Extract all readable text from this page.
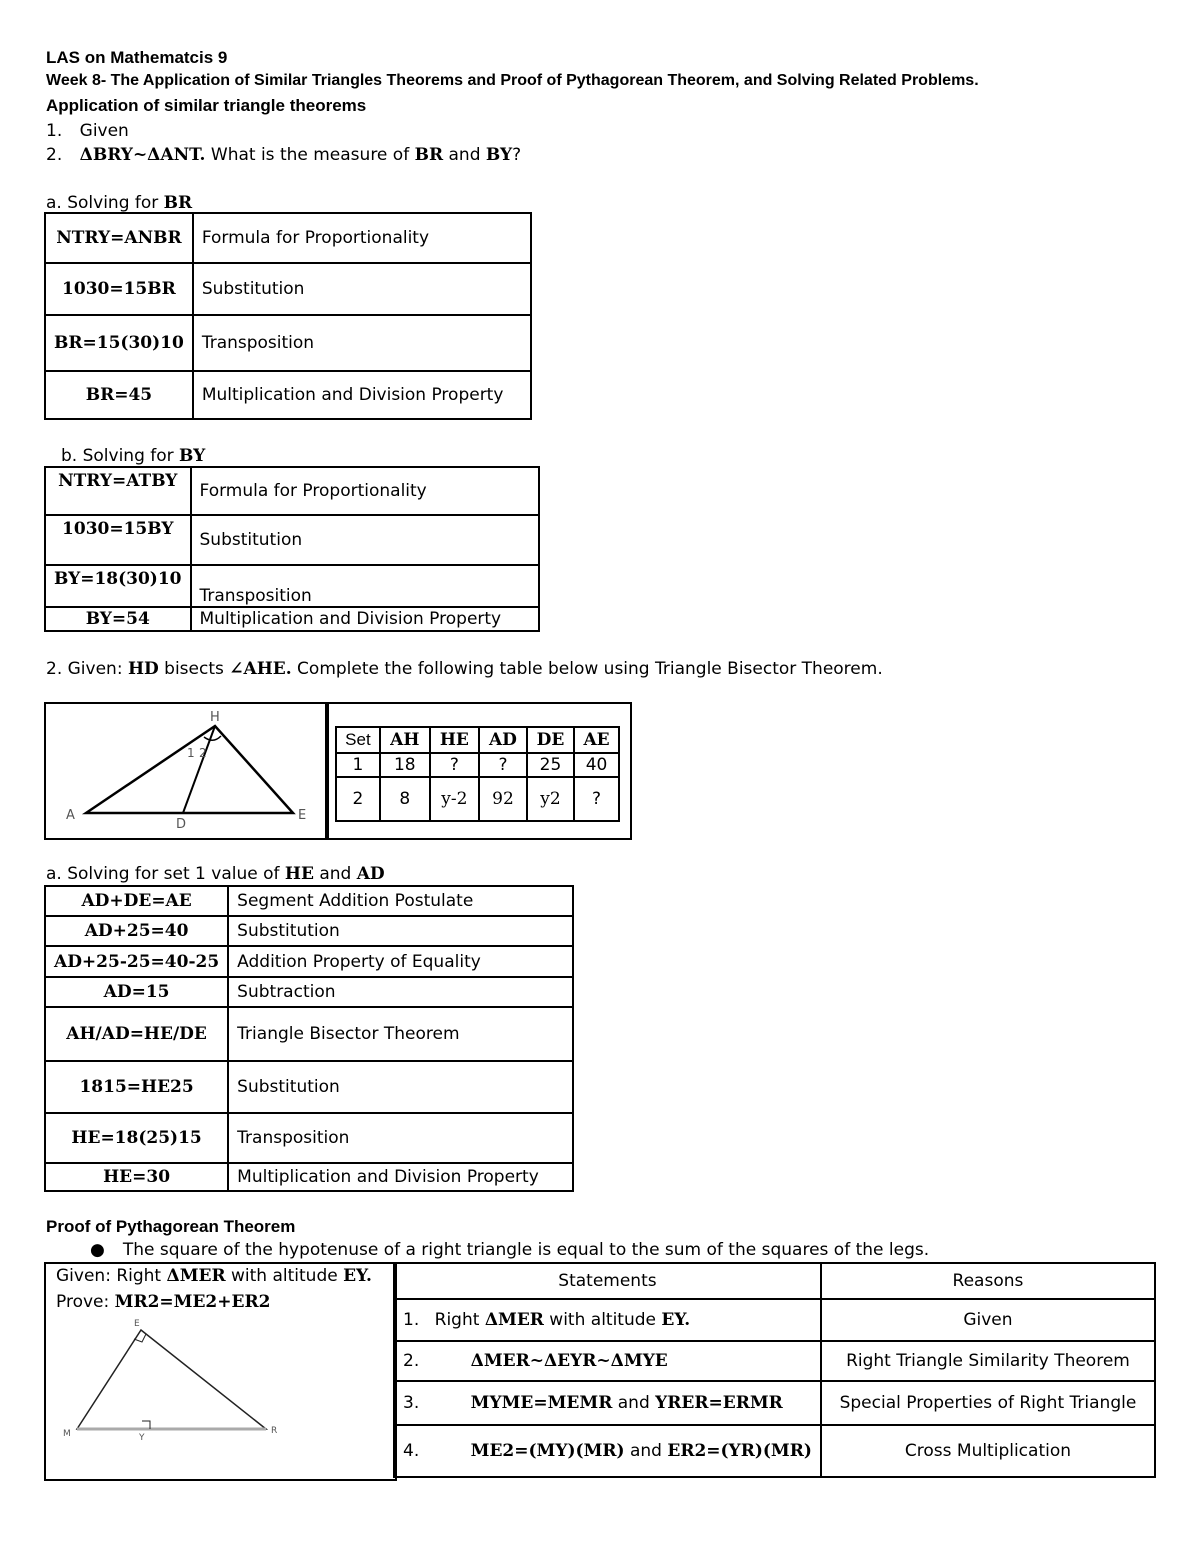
LAS on Mathematcis 9
Week 8- The Application of Similar Triangles Theorems and Proof of Pythagorean Theorem, and Solving Related Problems.
Application of similar triangle theorems
1. Given
2. ΔBRY~ΔANT. What is the measure of BR and BY?
a. Solving for BR
NTRY=ANBR	Formula for Proportionality
1030=15BR	Substitution
BR=15(30)10	Transposition
BR=45	Multiplication and Division Property
b. Solving for BY
NTRY=ATBY	Formula for Proportionality
1030=15BY	Substitution
BY=18(30)10	Transposition
BY=54	Multiplication and Division Property
2. Given: HD bisects ∠AHE. Complete the following table below using Triangle Bisector Theorem.
H
A
D
E
1 2
Set	AH	HE	AD	DE	AE
1	18	?	?	25	40
2	8	y-2	92	y2	?
a. Solving for set 1 value of HE and AD
AD+DE=AE	Segment Addition Postulate
AD+25=40	Substitution
AD+25-25=40-25	Addition Property of Equality
AD=15	Subtraction
AH/AD=HE/DE	Triangle Bisector Theorem
1815=HE25	Substitution
HE=18(25)15	Transposition
HE=30	Multiplication and Division Property
Proof of Pythagorean Theorem
● The square of the hypotenuse of a right triangle is equal to the sum of the squares of the legs.
Given: Right ΔMER with altitude EY.
Prove: MR2=ME2+ER2
E
M	Y
R
Statements	Reasons
1. Right ΔMER with altitude EY.	Given
2. ΔMER~ΔEYR~ΔMYE	Right Triangle Similarity Theorem
3. MYME=MEMR and YRER=ERMR	Special Properties of Right Triangle
4. ME2=(MY)(MR) and ER2=(YR)(MR)	Cross Multiplication
